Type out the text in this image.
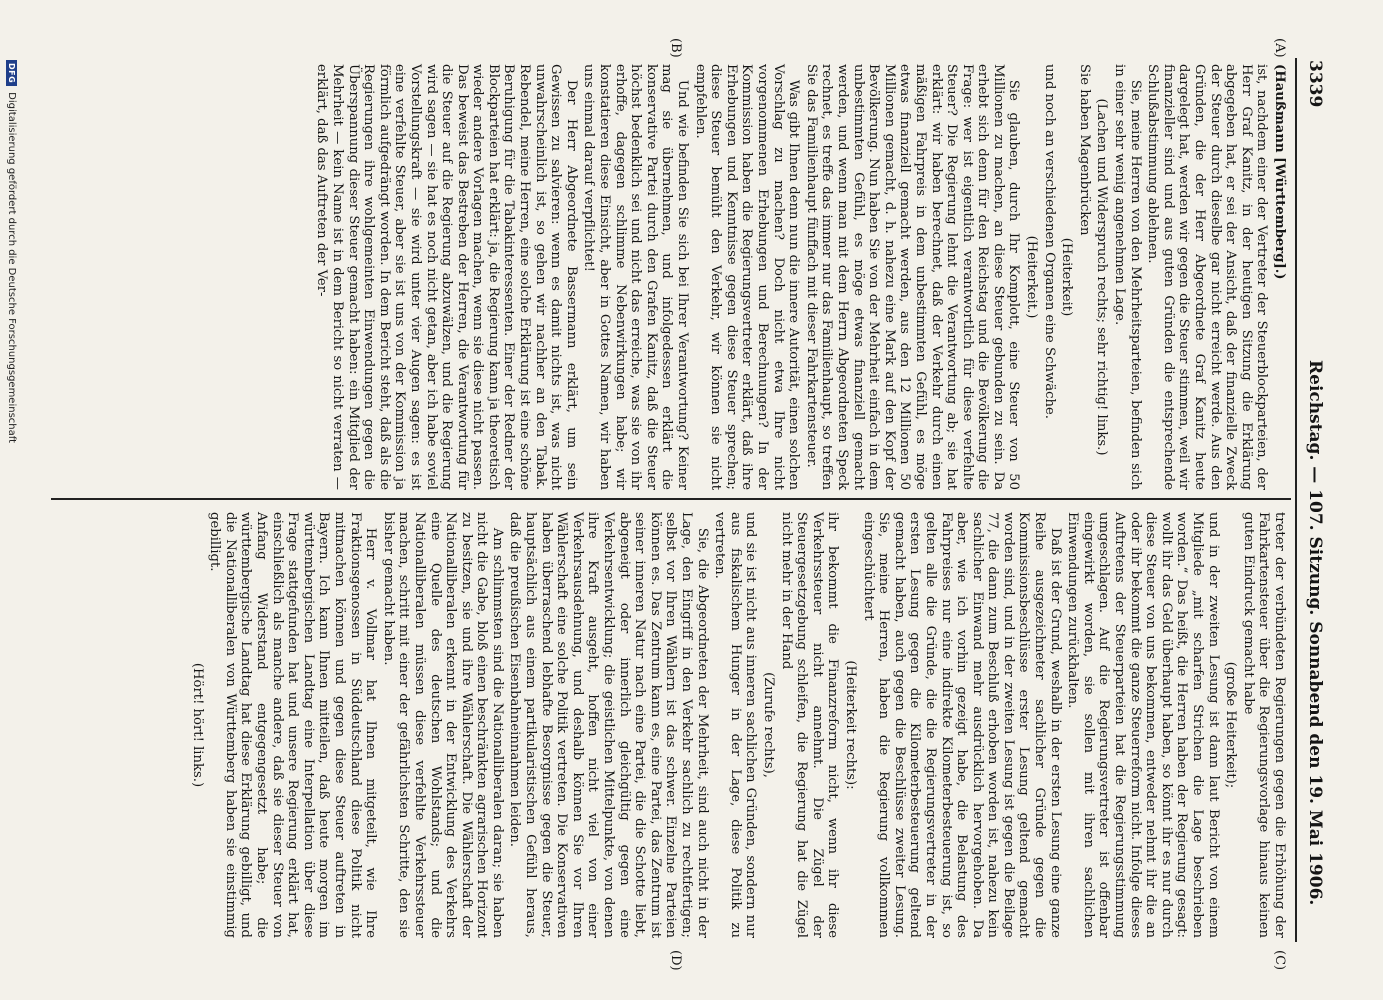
3339
Reichstag. — 107. Sitzung. Sonnabend den 19. Mai 1906.
(A)
(B)
(C)
(D)

(Haußmann [Württemberg].)

ist, nachdem einer der Vertreter der Steuerblockparteien, der Herr Graf Kanitz, in der heutigen Sitzung die Erklärung abgegeben hat, er sei der Ansicht, daß der finanzielle Zweck der Steuer durch dieselbe gar nicht erreicht werde. Aus den Gründen, die der Herr Abgeordnete Graf Kanitz heute dargelegt hat, werden wir gegen die Steuer stimmen, weil wir finanzieller sind und aus guten Gründen die entsprechende Schlußabstimmung ablehnen.

Sie, meine Herren von den Mehrheitsparteien, befinden sich in einer sehr wenig angenehmen Lage.

(Lachen und Widerspruch rechts; sehr richtig! links.)

Sie haben Magenbrücken

(Heiterkeit)

und noch an verschiedenen Organen eine Schwäche.

(Heiterkeit.)

Sie glauben, durch Ihr Komplott, eine Steuer von 50 Millionen zu machen, an diese Steuer gebunden zu sein. Da erhebt sich denn für den Reichstag und die Bevölkerung die Frage: wer ist eigentlich verantwortlich für diese verfehlte Steuer? Die Regierung lehnt die Verantwortung ab; sie hat erklärt: wir haben berechnet, daß der Verkehr durch einen mäßigen Fahrpreis in dem unbestimmten Gefühl, es möge etwas finanziell gemacht werden, aus den 12 Millionen 50 Millionen gemacht, d. h. nahezu eine Mark auf den Kopf der Bevölkerung. Nun haben Sie von der Mehrheit einfach in dem unbestimmten Gefühl, es möge etwas finanziell gemacht werden, und wenn man mit dem Herrn Abgeordneten Speck rechnet, es treffe das immer nur das Familienhaupt, so treffen Sie das Familienhaupt fünffach mit dieser Fahrkartensteuer.

Was gibt Ihnen denn nun die innere Autorität, einen solchen Vorschlag zu machen? Doch nicht etwa Ihre nicht vorgenommenen Erhebungen und Berechnungen? In der Kommission haben die Regierungsvertreter erklärt, daß ihre Erhebungen und Kenntnisse gegen diese Steuer sprechen; diese Steuer bemüht den Verkehr, wir können sie nicht empfehlen.

Und wie befinden Sie sich bei Ihrer Verantwortung? Keiner mag sie übernehmen, und infolgedessen erklärt die konservative Partei durch den Grafen Kanitz, daß die Steuer höchst bedenklich sei und nicht das erreiche, was sie von ihr erhoffe, dagegen schlimme Nebenwirkungen habe; wir konstatieren diese Einsicht, aber in Gottes Namen, wir haben uns einmal darauf verpflichtet!

Der Herr Abgeordnete Bassermann erklärt, um sein Gewissen zu salvieren: wenn es damit nichts ist, was nicht unwahrscheinlich ist, so gehen wir nachher an den Tabak. Rebendel, meine Herren, eine solche Erklärung ist eine schöne Beruhigung für die Tabakinteressenten. Einer der Redner der Blockparteien hat erklärt: ja, die Regierung kann ja theoretisch wieder andere Vorlagen machen, wenn sie diese nicht passen. Das beweist das Bestreben der Herren, die Verantwortung für die Steuer auf die Regierung abzuwälzen, und die Regierung wird sagen — sie hat es noch nicht getan, aber ich habe soviel Vorstellungskraft — sie wird unter vier Augen sagen: es ist eine verfehlte Steuer, aber sie ist uns von der Kommission ja förmlich aufgedrängt worden. In dem Bericht steht, daß als die Regierungen ihre wohlgemeinten Einwendungen gegen die Überspannung dieser Steuer gemacht haben: ein Mitglied der Mehrheit — kein Name ist in dem Bericht so nicht verraten — erklärt, daß das Auftreten der Ver-

treter der verbündeten Regierungen gegen die Erhöhung der Fahrkartensteuer über die Regierungsvorlage hinaus keinen guten Eindruck gemacht habe

(große Heiterkeit);

und in der zweiten Lesung ist dann laut Bericht von einem Mitgliede „mit scharfen Strichen die Lage beschrieben worden.“ Das heißt, die Herren haben der Regierung gesagt: wollt ihr das Geld überhaupt haben, so könnt ihr es nur durch diese Steuer von uns bekommen, entweder nehmt ihr die an oder ihr bekommt die ganze Steuerreform nicht. Infolge dieses Auftretens der Steuerparteien hat die Regierungsstimmung umgeschlagen. Auf die Regierungsvertreter ist offenbar eingewirkt worden, sie sollen mit ihren sachlichen Einwendungen zurückhalten.

Daß ist der Grund, weshalb in der ersten Lesung eine ganze Reihe ausgezeichneter sachlicher Gründe gegen die Kommissionsbeschlüsse erster Lesung geltend gemacht worden sind, und in der zweiten Lesung ist gegen die Beilage 77, die dann zum Beschluß erhoben worden ist, nahezu kein sachlicher Einwand mehr ausdrücklich hervorgehoben. Da aber, wie ich vorhin gezeigt habe, die Belastung des Fahrpreises nur eine indirekte Kilometerbesteuerung ist, so gelten alle die Gründe, die die Regierungsvertreter in der ersten Lesung gegen die Kilometerbesteuerung geltend gemacht haben, auch gegen die Beschlüsse zweiter Lesung. Sie, meine Herren, haben die Regierung vollkommen eingeschüchtert

(Heiterkeit rechts):

ihr bekommt die Finanzreform nicht, wenn ihr diese Verkehrssteuer nicht annehmt. Die Zügel der Steuergesetzgebung schleifen, die Regierung hat die Zügel nicht mehr in der Hand

(Zurufe rechts),

und sie ist nicht aus inneren sachlichen Gründen, sondern nur aus fiskalischem Hunger in der Lage, diese Politik zu vertreten.

Sie, die Abgeordneten der Mehrheit, sind auch nicht in der Lage, den Eingriff in den Verkehr sachlich zu rechtfertigen; selbst vor Ihren Wählern ist das schwer. Einzelne Parteien können es. Das Zentrum kann es, eine Partei, das Zentrum ist seiner inneren Natur nach eine Partei, die die Schotte liebt, abgeneigt oder innerlich gleichgültig gegen eine Verkehrsentwicklung; die geistlichen Mittelpunkte, von denen ihre Kraft ausgeht, hoffen nicht viel von einer Verkehrsausdehnung, und deshalb können Sie vor Ihren Wählerschaft eine solche Politik vertreten. Die Konservativen haben überraschend lebhafte Besorgnisse gegen die Steuer, hauptsächlich aus einem partikularistischen Gefühl heraus, daß die preußischen Eisenbahneinnahmen leiden.

Am schlimmsten sind die Nationalliberalen daran; sie haben nicht die Gabe, bloß einen beschränkten agrarischen Horizont zu besitzen, sie und ihre Wählerschaft. Die Wählerschaft der Nationalliberalen erkennt in der Entwicklung des Verkehrs eine Quelle des deutschen Wohlstands; und die Nationalliberalen müssen diese verfehlte Verkehrssteuer machen, schritt mit einer der gefährlichsten Schritte, den sie bisher gemacht haben.

Herr v. Vollmar hat Ihnen mitgeteilt, wie Ihre Fraktionsgenossen in Süddeutschland diese Politik nicht mitmachen können und gegen diese Steuer auftreten in Bayern. Ich kann Ihnen mitteilen, daß heute morgen im württembergischen Landtag eine Interpellation über diese Frage stattgefunden hat und unsere Regierung erklärt hat, einschließlich als manche andere, daß sie dieser Steuer von Anfang Widerstand entgegengesetzt habe; die württembergische Landtag hat diese Erklärung gebilligt, und die Nationalliberalen von Württemberg haben sie einstimmig gebilligt.

(Hört! hört! links.)

DFG
Digitalisierung gefördert durch die Deutsche Forschungsgemeinschaft
